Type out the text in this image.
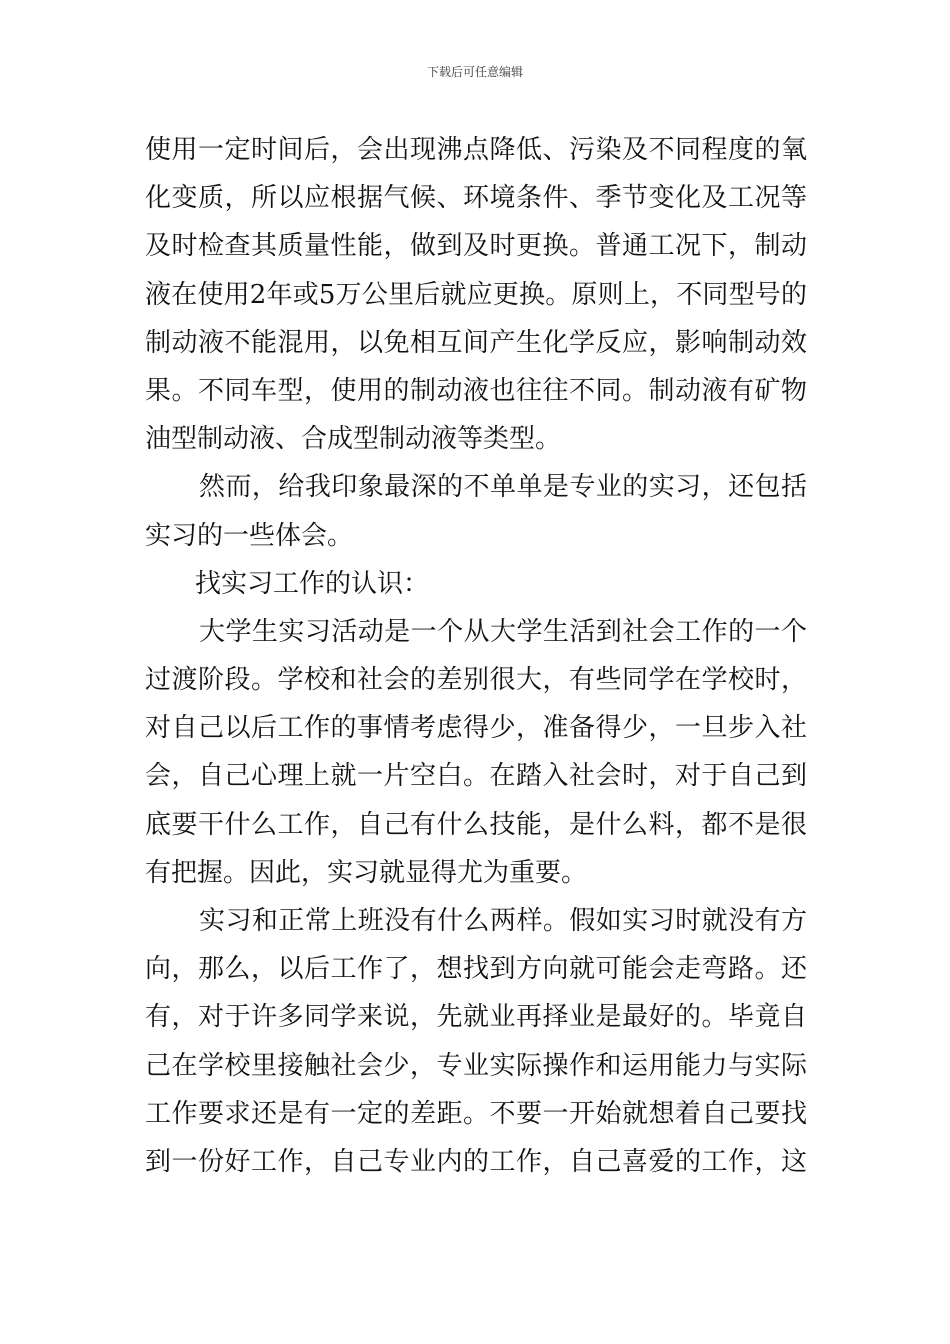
下载后可任意编辑
使用一定时间后，会出现沸点降低、污染及不同程度的氧
化变质，所以应根据气候、环境条件、季节变化及工况等
及时检查其质量性能，做到及时更换。普通工况下，制动
液在使用2年或5万公里后就应更换。原则上，不同型号的
制动液不能混用，以免相互间产生化学反应，影响制动效
果。不同车型，使用的制动液也往往不同。制动液有矿物
油型制动液、合成型制动液等类型。
然而，给我印象最深的不单单是专业的实习，还包括
实习的一些体会。
找实习工作的认识：
大学生实习活动是一个从大学生活到社会工作的一个
过渡阶段。学校和社会的差别很大，有些同学在学校时，
对自己以后工作的事情考虑得少，准备得少，一旦步入社
会，自己心理上就一片空白。在踏入社会时，对于自己到
底要干什么工作，自己有什么技能，是什么料，都不是很
有把握。因此，实习就显得尤为重要。
实习和正常上班没有什么两样。假如实习时就没有方
向，那么，以后工作了，想找到方向就可能会走弯路。还
有，对于许多同学来说，先就业再择业是最好的。毕竟自
己在学校里接触社会少，专业实际操作和运用能力与实际
工作要求还是有一定的差距。不要一开始就想着自己要找
到一份好工作，自己专业内的工作，自己喜爱的工作，这
